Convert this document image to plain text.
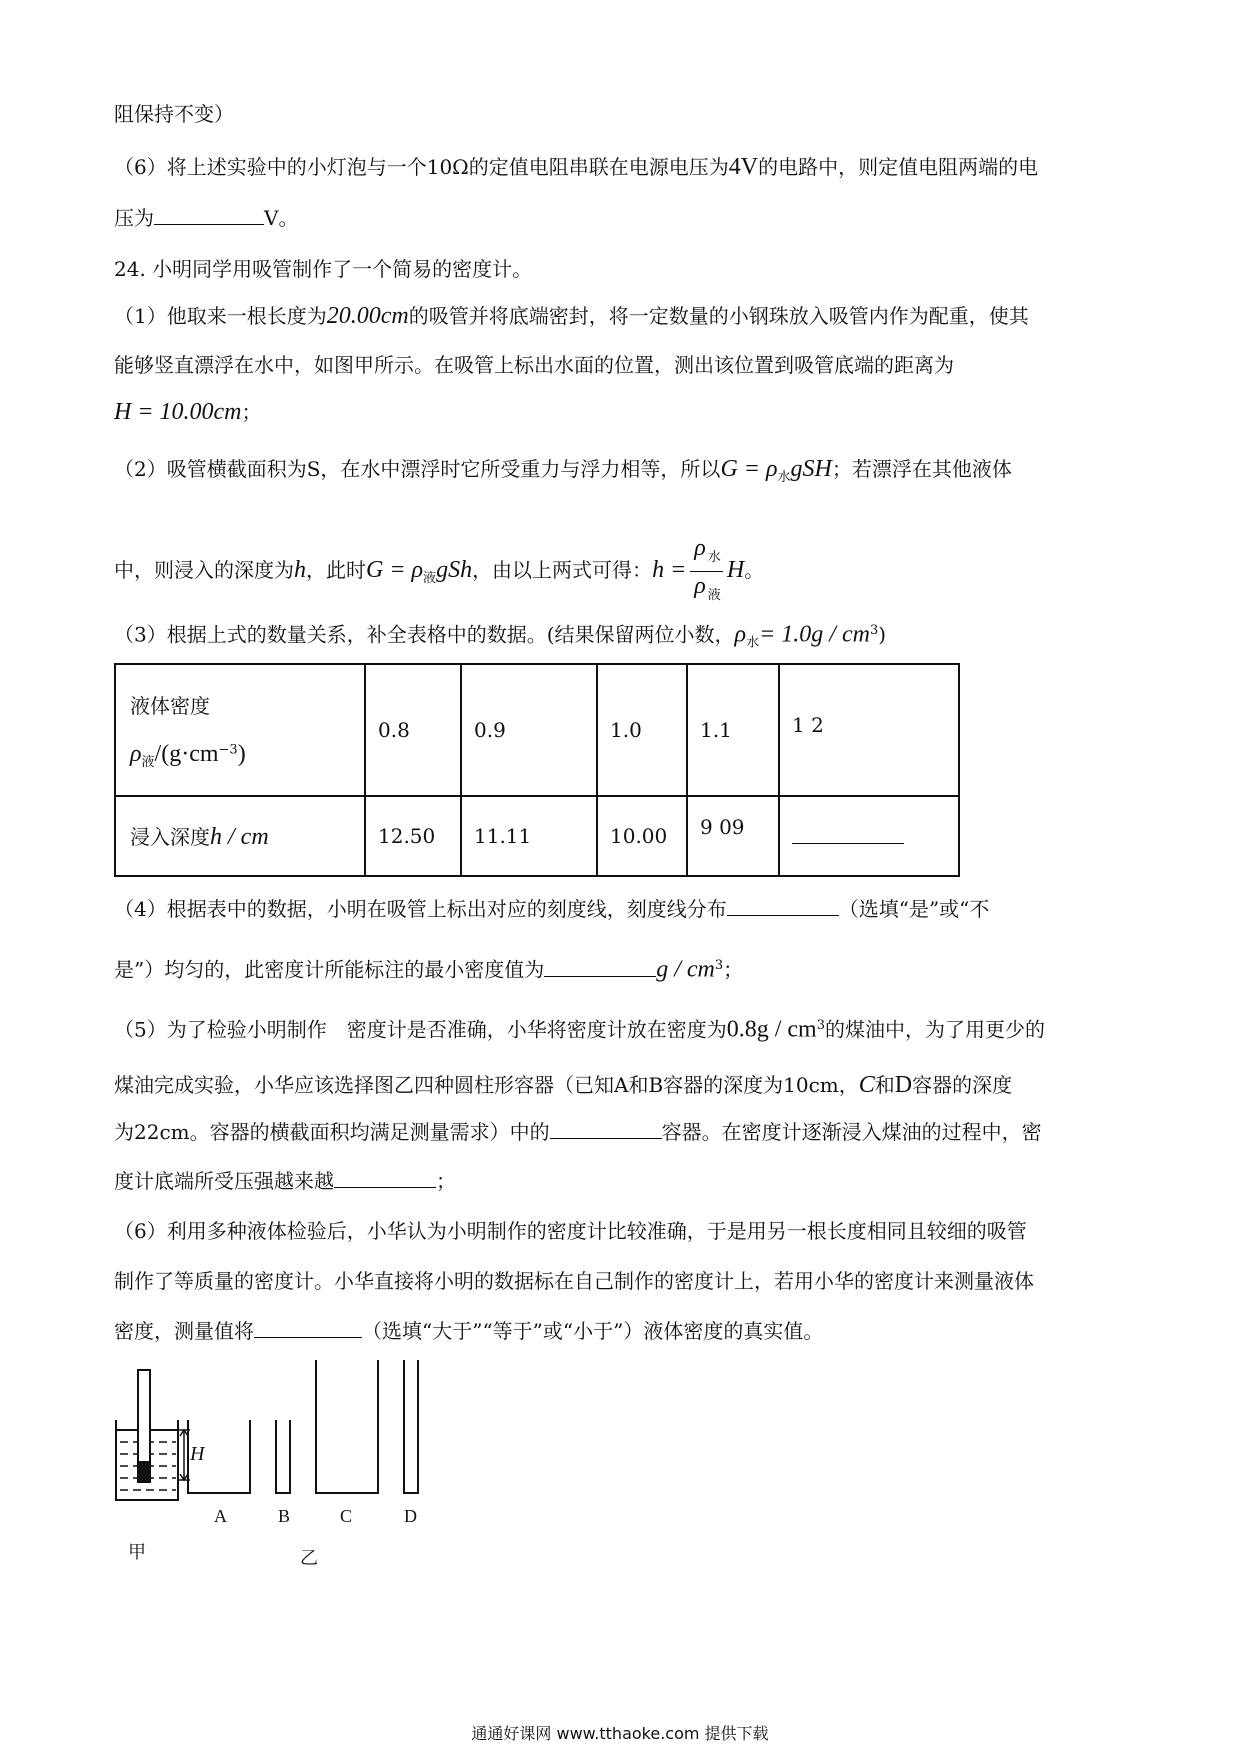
阻保持不变）
（6）将上述实验中的小灯泡与一个10Ω的定值电阻串联在电源电压为4V的电路中，则定值电阻两端的电
压为	V。
24. 小明同学用吸管制作了一个简易的密度计。
（1）他取来一根长度为20.00cm的吸管并将底端密封，将一定数量的小钢珠放入吸管内作为配重，使其
能够竖直漂浮在水中，如图甲所示。在吸管上标出水面的位置，测出该位置到吸管底端的距离为
H = 10.00cm；
（2）吸管横截面积为S，在水中漂浮时它所受重力与浮力相等，所以$G = \rho_水gSH$；若漂浮在其他液体
中，则浸入的深度为h，此时$G = \rho_液gSh$，由以上两式可得：$h = \frac{\rho _水}{\rho _液}$ H。
（3）根据上式的数量关系，补全表格中的数据。(结果保留两位小数，$\rho_水= 1.0g / cm^3$)
液体密度
$\rho_液/(g\cdot cm^{-3})$	0.8	0.9	1.0	1.1	1 2
浸入深度h / cm	12.50	11.11	10.00	9 09	
（4）根据表中的数据，小明在吸管上标出对应的刻度线，刻度线分布	（选填“是”或“不
是”）均匀的，此密度计所能标注的最小密度值为	g / $cm^3$；
（5）为了检验小明制作　密度计是否准确，小华将密度计放在密度为$0.8g / cm^3$的煤油中，为了用更少的
煤油完成实验，小华应该选择图乙四种圆柱形容器（已知A和B容器的深度为10cm，C和D容器的深度
为22cm。容器的横截面积均满足测量需求）中的	容器。在密度计逐渐浸入煤油的过程中，密
度计底端所受压强越来越	；
（6）利用多种液体检验后，小华认为小明制作的密度计比较准确，于是用另一根长度相同且较细的吸管
制作了等质量的密度计。小华直接将小明的数据标在自己制作的密度计上，若用小华的密度计来测量液体
密度，测量值将	（选填“大于”“等于”或“小于”）液体密度的真实值。
H
甲
A	B	C	D
乙
通通好课网 www.tthaoke.com 提供下载
